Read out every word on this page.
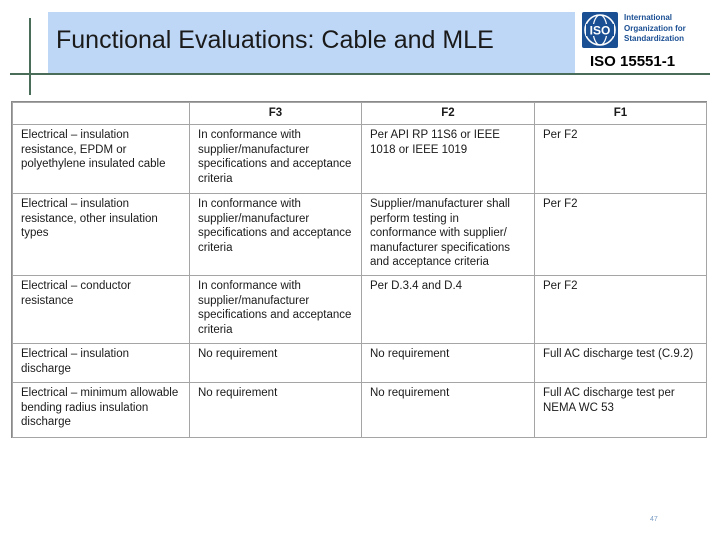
Functional Evaluations: Cable and MLE	ISO
International
Organization for
Standardization
ISO 15551-1
	F3	F2	F1
Electrical – insulation resistance, EPDM or polyethylene insulated cable	In conformance with supplier/manufacturer specifications and acceptance criteria	Per API RP 11S6 or IEEE 1018 or IEEE 1019	Per F2
Electrical – insulation resistance, other insulation types	In conformance with supplier/manufacturer specifications and acceptance criteria	Supplier/manufacturer shall perform testing in conformance with supplier/ manufacturer specifications and acceptance criteria	Per F2
Electrical – conductor resistance	In conformance with supplier/manufacturer specifications and acceptance criteria	Per D.3.4 and D.4	Per F2
Electrical – insulation discharge	No requirement	No requirement	Full AC discharge test (C.9.2)
Electrical – minimum allowable bending radius insulation discharge	No requirement	No requirement	Full AC discharge test per NEMA WC 53
47
